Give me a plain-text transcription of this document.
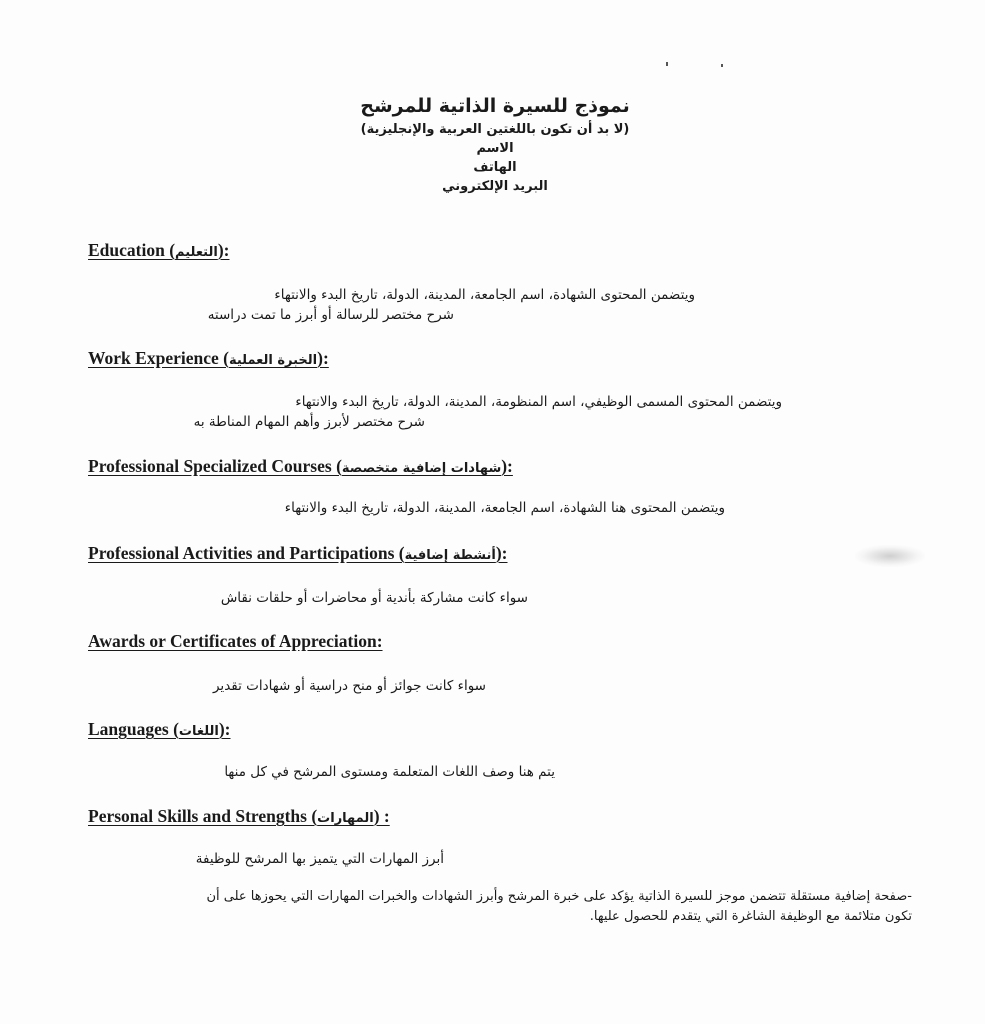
نموذج للسيرة الذاتية للمرشح

(لا بد أن تكون باللغتين العربية والإنجليزية)

الاسم

الهاتف

البريد الإلكتروني

Education (التعليم):

ويتضمن المحتوى الشهادة، اسم الجامعة، المدينة، الدولة، تاريخ البدء والانتهاء

شرح مختصر للرسالة أو أبرز ما تمت دراسته

Work Experience (الخبرة العملية):

ويتضمن المحتوى المسمى الوظيفي، اسم المنظومة، المدينة، الدولة، تاريخ البدء والانتهاء

شرح مختصر لأبرز وأهم المهام المناطة به

Professional Specialized Courses (شهادات إضافية متخصصة):

ويتضمن المحتوى هنا الشهادة، اسم الجامعة، المدينة، الدولة، تاريخ البدء والانتهاء

Professional Activities and Participations (أنشطة إضافية):

سواء كانت مشاركة بأندية أو محاضرات أو حلقات نقاش

Awards or Certificates of Appreciation:

سواء كانت جوائز أو منح دراسية أو شهادات تقدير

Languages (اللغات):

يتم هنا وصف اللغات المتعلمة ومستوى المرشح في كل منها

Personal Skills and Strengths (المهارات) :

أبرز المهارات التي يتميز بها المرشح للوظيفة

-صفحة إضافية مستقلة تتضمن موجز للسيرة الذاتية يؤكد على خبرة المرشح وأبرز الشهادات والخبرات المهارات التي يحوزها على أن تكون متلائمة مع الوظيفة الشاغرة التي يتقدم للحصول عليها.
